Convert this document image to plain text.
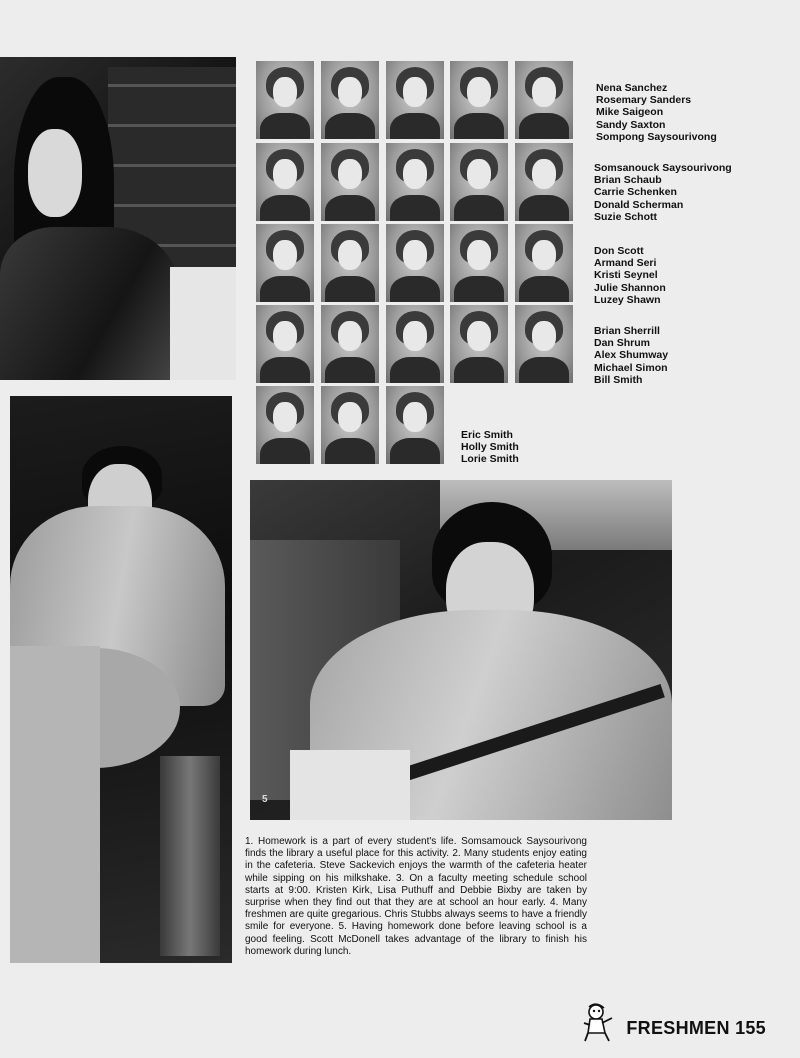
5
Nena Sanchez
Rosemary Sanders
Mike Saigeon
Sandy Saxton
Sompong Saysourivong
Somsanouck Saysourivong
Brian Schaub
Carrie Schenken
Donald Scherman
Suzie Schott
Don Scott
Armand Seri
Kristi Seynel
Julie Shannon
Luzey Shawn
Brian Sherrill
Dan Shrum
Alex Shumway
Michael Simon
Bill Smith
Eric Smith
Holly Smith
Lorie Smith

1. Homework is a part of every student's life. Somsamouck Saysourivong finds the library a useful place for this activity. 2. Many students enjoy eating in the cafeteria. Steve Sackevich enjoys the warmth of the cafeteria heater while sipping on his milkshake. 3. On a faculty meeting schedule school starts at 9:00. Kristen Kirk, Lisa Puthuff and Debbie Bixby are taken by surprise when they find out that they are at school an hour early. 4. Many freshmen are quite gregarious. Chris Stubbs always seems to have a friendly smile for everyone. 5. Having homework done before leaving school is a good feeling. Scott McDonell takes advantage of the library to finish his homework during lunch.

FRESHMEN 155
